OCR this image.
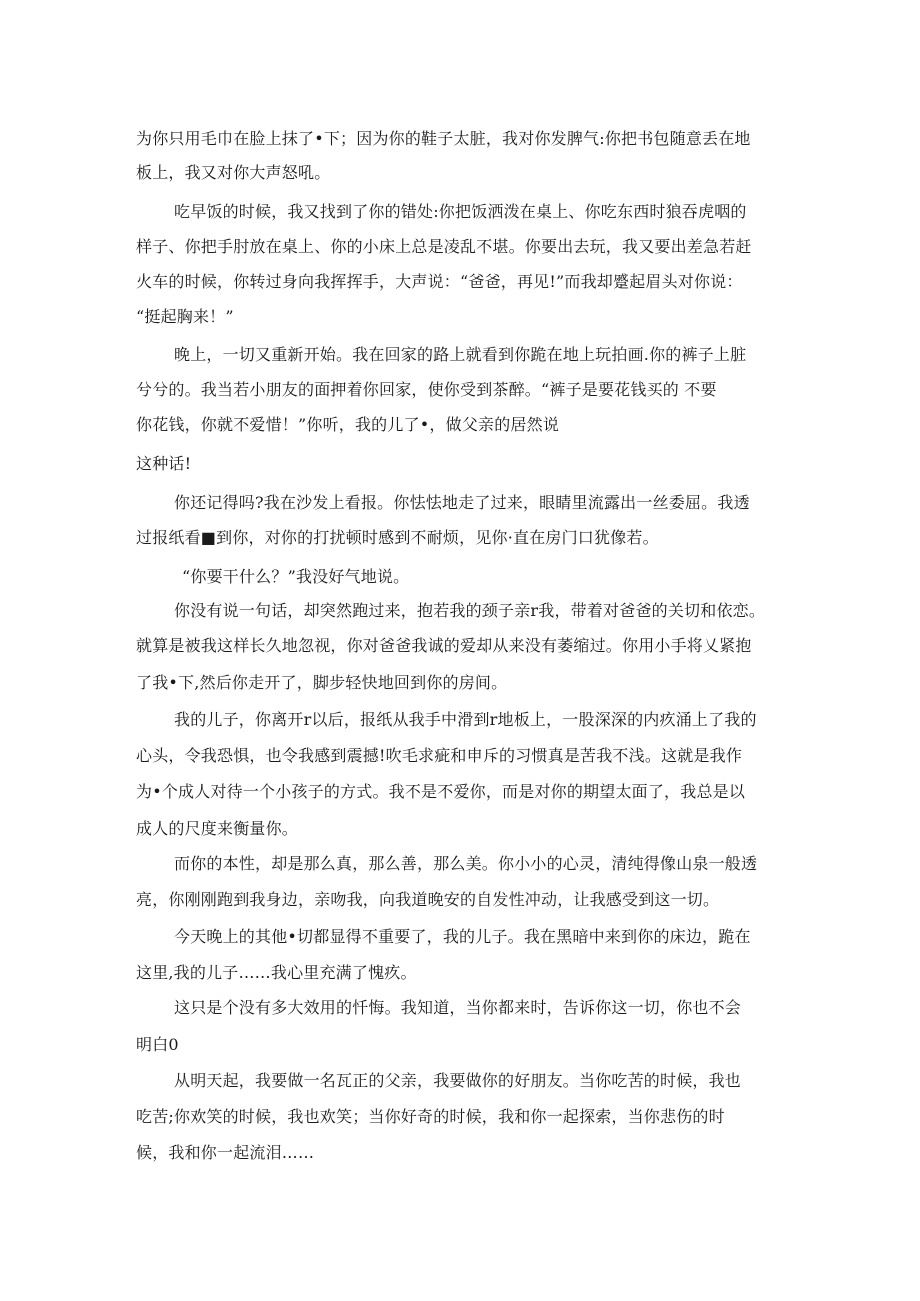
为你只用毛巾在脸上抹了•下；因为你的鞋子太脏，我对你发脾气:你把书包随意丢在地
板上，我又对你大声怒吼。
吃早饭的时候，我又找到了你的错处:你把饭洒泼在桌上、你吃东西时狼吞虎咽的
样子、你把手肘放在桌上、你的小床上总是凌乱不堪。你要出去玩，我又要出差急若赶
火车的时候，你转过身向我挥挥手，大声说：“爸爸，再见!”而我却蹙起眉头对你说：
“挺起胸来！”
晚上，一切又重新开始。我在回家的路上就看到你跪在地上玩拍画.你的裤子上脏
兮兮的。我当若小朋友的面押着你回家，使你受到茶醉。“裤子是要花钱买的 不要
你花钱，你就不爱惜！”你听，我的儿了•，做父亲的居然说
这种话!
你还记得吗?我在沙发上看报。你怯怯地走了过来，眼睛里流露出一丝委屈。我透
过报纸看■到你，对你的打扰顿时感到不耐烦，见你·直在房门口犹像若。
“你要干什么？”我没好气地说。
你没有说一句话，却突然跑过来，抱若我的颈子亲r我，带着对爸爸的关切和依恋。
就算是被我这样长久地忽视，你对爸爸我诚的爱却从来没有萎缩过。你用小手将乂紧抱
了我•下,然后你走开了，脚步轻快地回到你的房间。
我的儿子，你离开r以后，报纸从我手中滑到r地板上，一股深深的内疚涌上了我的
心头，令我恐惧，也令我感到震撼!吹毛求疵和申斥的习惯真是苦我不浅。这就是我作
为•个成人对待一个小孩子的方式。我不是不爱你，而是对你的期望太面了，我总是以
成人的尺度来衡量你。
而你的本性，却是那么真，那么善，那么美。你小小的心灵，清纯得像山泉一般透
亮，你刚刚跑到我身边，亲吻我，向我道晚安的自发性冲动，让我感受到这一切。
今天晚上的其他•切都显得不重要了，我的儿子。我在黑暗中来到你的床边，跪在
这里,我的儿子……我心里充满了愧疚。
这只是个没有多大效用的忏悔。我知道，当你都来时，告诉你这一切，你也不会
明白0
从明天起，我要做一名瓦正的父亲，我要做你的好朋友。当你吃苦的时候，我也
吃苦;你欢笑的时候，我也欢笑；当你好奇的时候，我和你一起探索，当你悲伤的时
候，我和你一起流泪……
